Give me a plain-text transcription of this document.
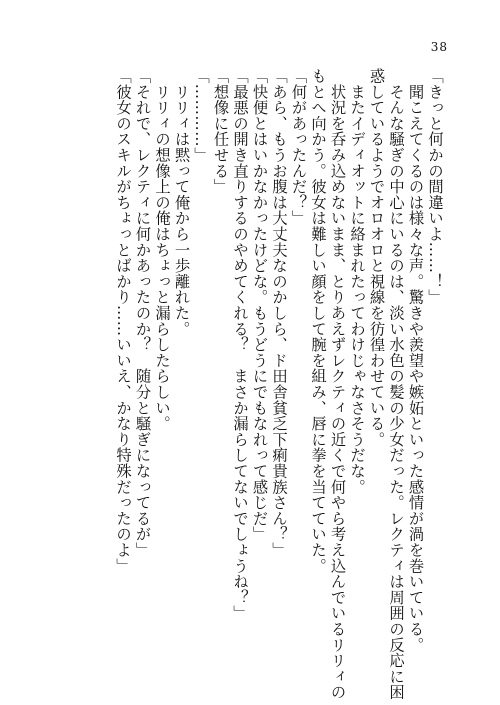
38
「きっと何かの間違いよ……！」
　聞こえてくるのは様々な声。驚きや羨望や嫉妬といった感情が渦を巻いている。
　そんな騒ぎの中心にいるのは、淡い水色の髪の少女だった。レクティは周囲の反応に困
惑しているようでオロオロと視線を彷徨わせている。
　またイディオットに絡まれたってわけじゃなさそうだな。
　状況を呑み込めないまま、とりあえずレクティの近くで何やら考え込んでいるリリィの
もとへ向かう。彼女は難しい顔をして腕を組み、唇に拳を当てていた。
「何があったんだ？」
「あら、もうお腹は大丈夫なのかしら、ド田舎貧乏下痢貴族さん？」
「快便とはいかなかったけどな。もうどうにでもなれって感じだ」
「最悪の開き直りするのやめてくれる？　まさか漏らしてないでしょうね？」
「想像に任せる」
「…………」
　リリィは黙って俺から一歩離れた。
　リリィの想像上の俺はちょっと漏らしたらしい。
「それで、レクティに何かあったのか？　随分と騒ぎになってるが」
「彼女のスキルがちょっとばかり……いいえ、かなり特殊だったのよ」
